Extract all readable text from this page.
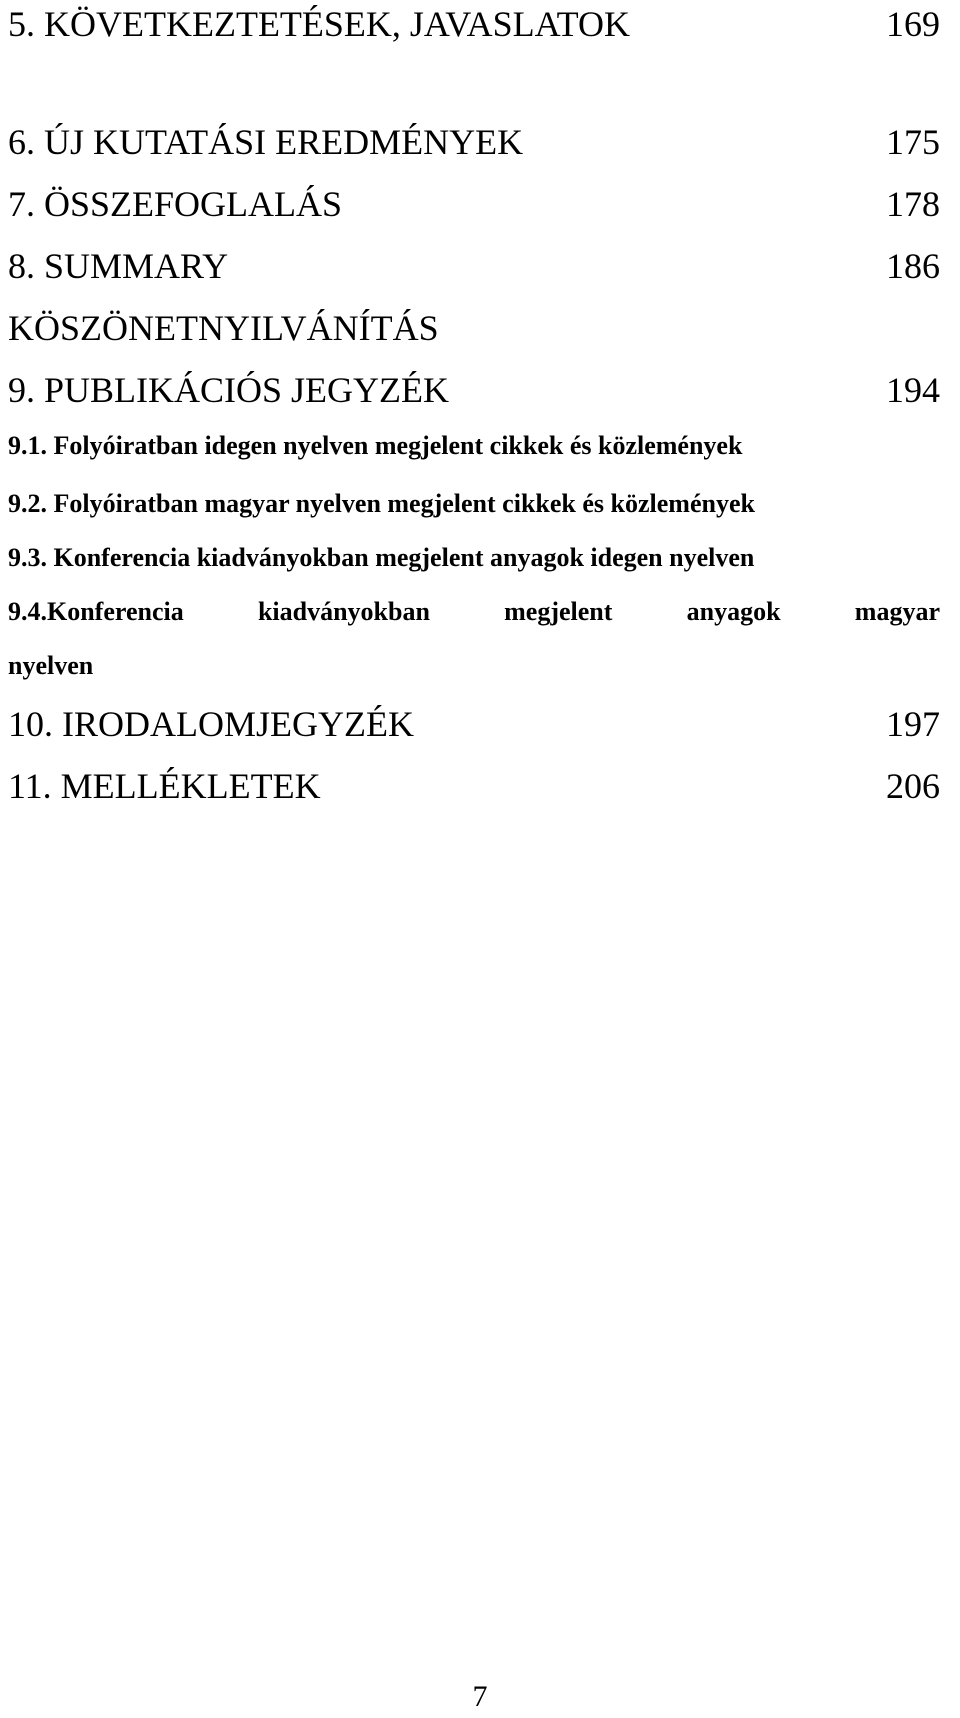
5. KÖVETKEZTETÉSEK, JAVASLATOK	169
6. ÚJ KUTATÁSI EREDMÉNYEK	175
7. ÖSSZEFOGLALÁS	178
8. SUMMARY	186
KÖSZÖNETNYILVÁNÍTÁS
9. PUBLIKÁCIÓS JEGYZÉK	194
9.1. Folyóiratban idegen nyelven megjelent cikkek és közlemények
9.2. Folyóiratban magyar nyelven megjelent cikkek és közlemények
9.3. Konferencia kiadványokban megjelent anyagok idegen nyelven
9.4.Konferencia	kiadványokban	megjelent	anyagok	magyar
nyelven
10. IRODALOMJEGYZÉK	197
11. MELLÉKLETEK	206
7
